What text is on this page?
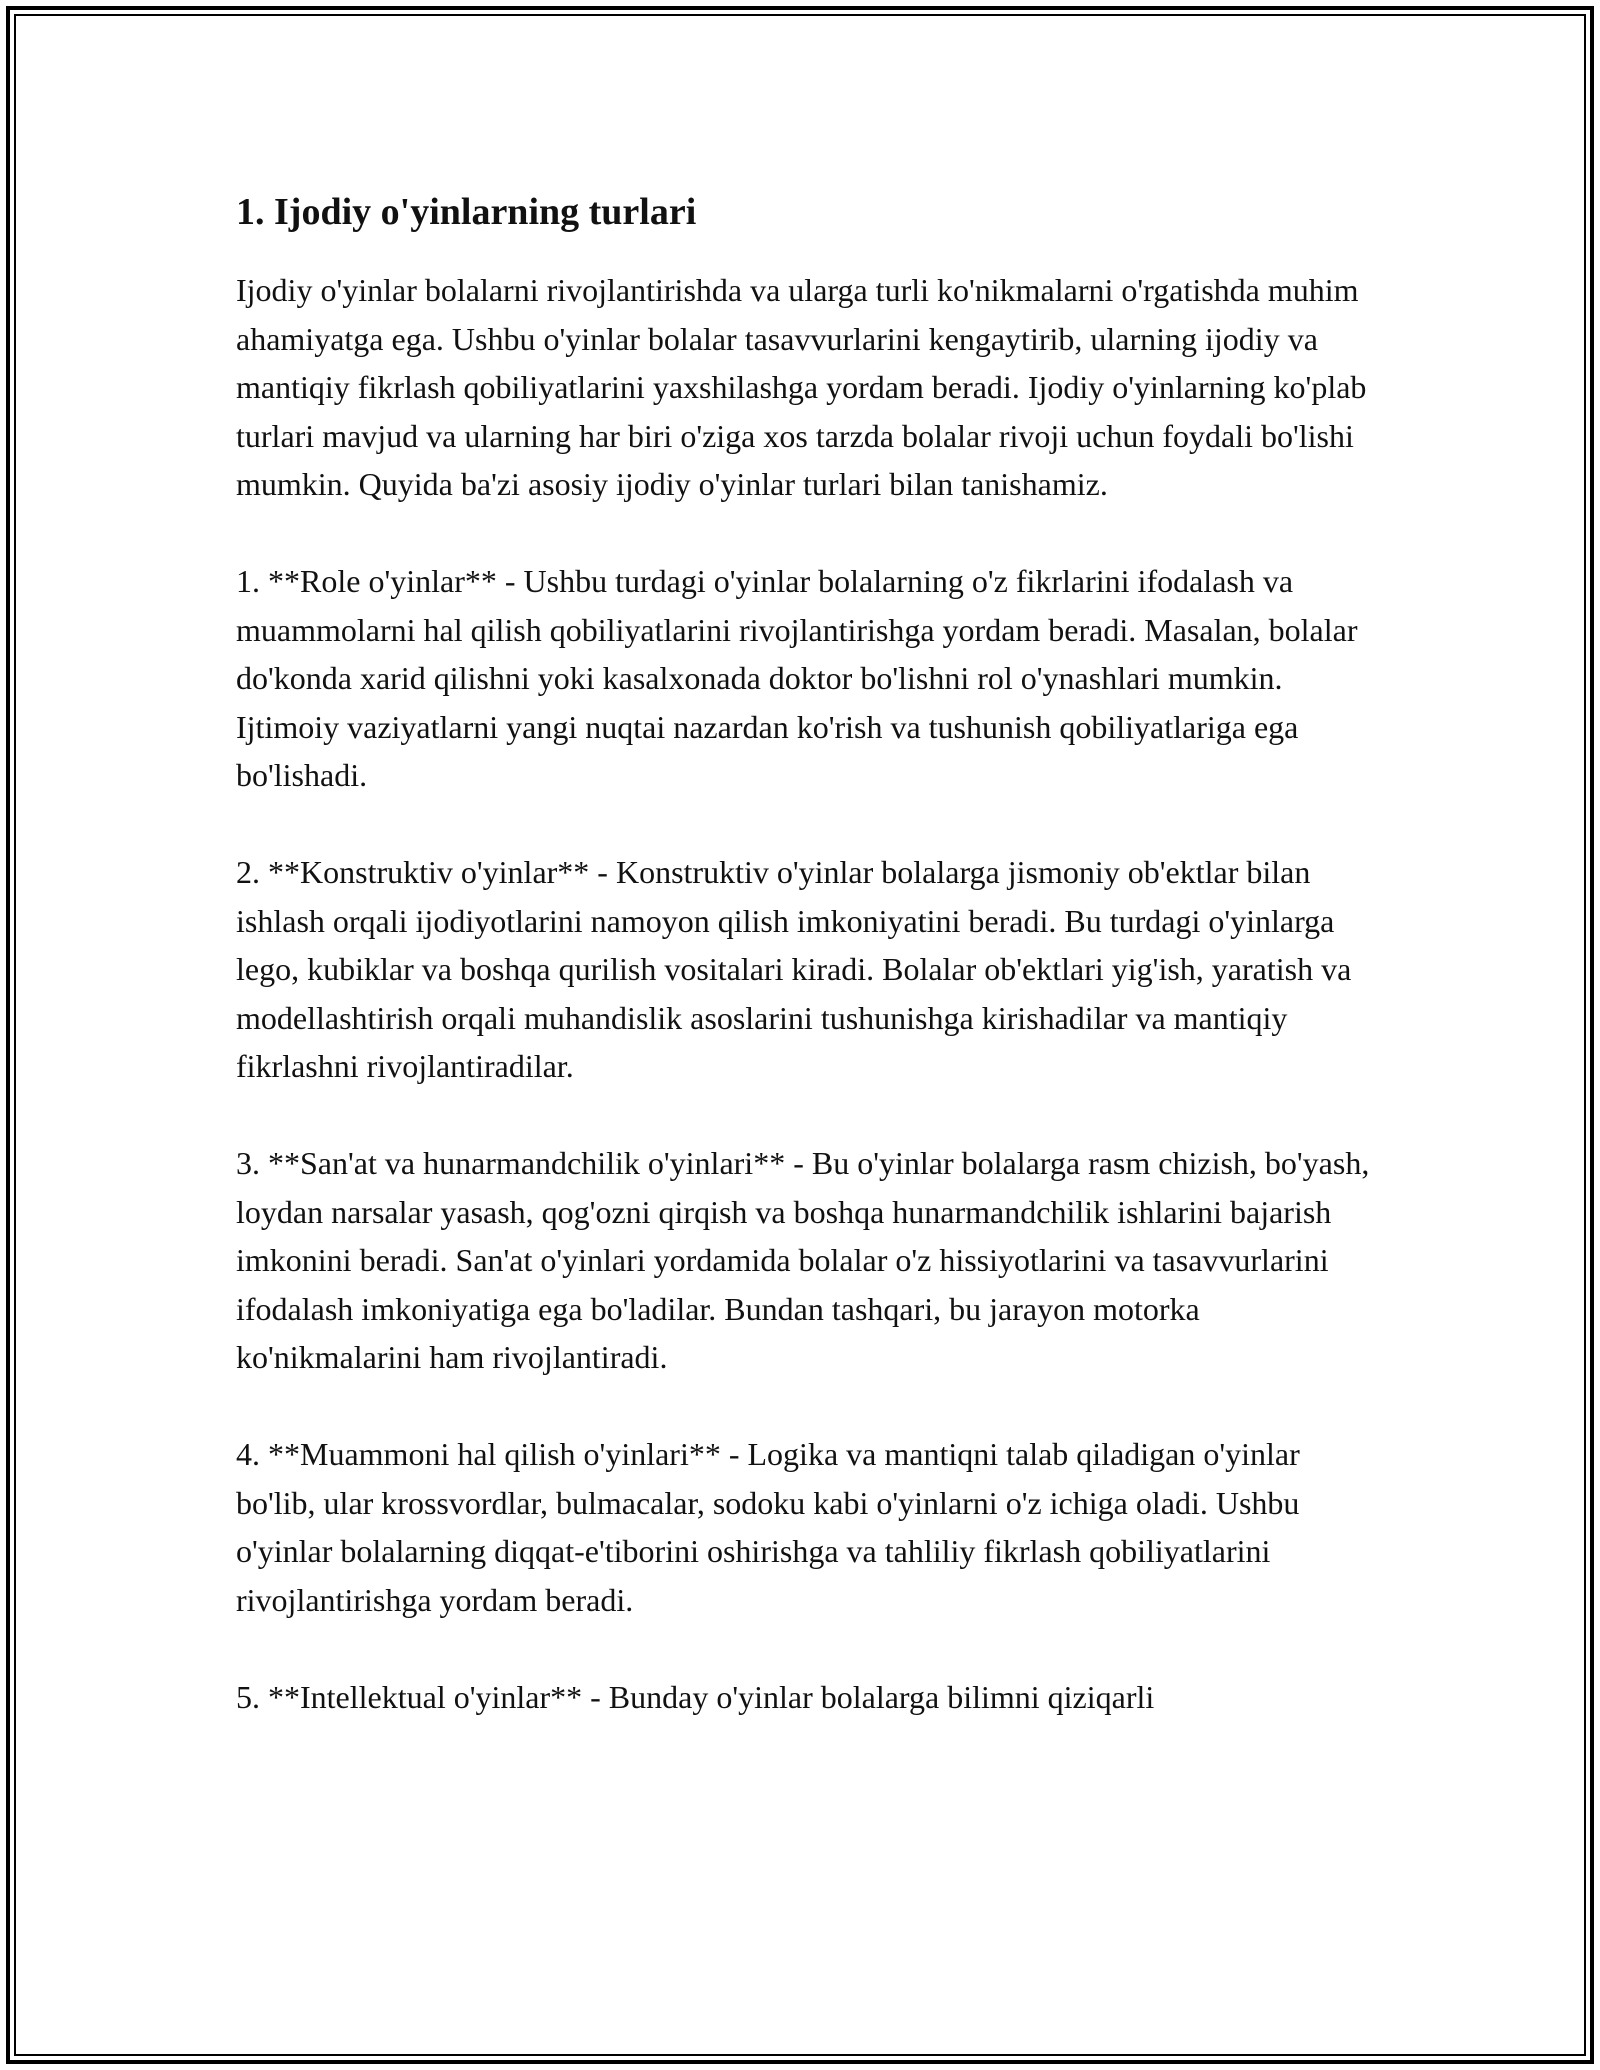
1. Ijodiy o'yinlarning turlari

Ijodiy o'yinlar bolalarni rivojlantirishda va ularga turli ko'nikmalarni o'rgatishda muhim ahamiyatga ega. Ushbu o'yinlar bolalar tasavvurlarini kengaytirib, ularning ijodiy va mantiqiy fikrlash qobiliyatlarini yaxshilashga yordam beradi. Ijodiy o'yinlarning ko'plab turlari mavjud va ularning har biri o'ziga xos tarzda bolalar rivoji uchun foydali bo'lishi mumkin. Quyida ba'zi asosiy ijodiy o'yinlar turlari bilan tanishamiz.

1. **Role o'yinlar** - Ushbu turdagi o'yinlar bolalarning o'z fikrlarini ifodalash va muammolarni hal qilish qobiliyatlarini rivojlantirishga yordam beradi. Masalan, bolalar do'konda xarid qilishni yoki kasalxonada doktor bo'lishni rol o'ynashlari mumkin. Ijtimoiy vaziyatlarni yangi nuqtai nazardan ko'rish va tushunish qobiliyatlariga ega bo'lishadi.

2. **Konstruktiv o'yinlar** - Konstruktiv o'yinlar bolalarga jismoniy ob'ektlar bilan ishlash orqali ijodiyotlarini namoyon qilish imkoniyatini beradi. Bu turdagi o'yinlarga lego, kubiklar va boshqa qurilish vositalari kiradi. Bolalar ob'ektlari yig'ish, yaratish va modellashtirish orqali muhandislik asoslarini tushunishga kirishadilar va mantiqiy fikrlashni rivojlantiradilar.

3. **San'at va hunarmandchilik o'yinlari** - Bu o'yinlar bolalarga rasm chizish, bo'yash, loydan narsalar yasash, qog'ozni qirqish va boshqa hunarmandchilik ishlarini bajarish imkonini beradi. San'at o'yinlari yordamida bolalar o'z hissiyotlarini va tasavvurlarini ifodalash imkoniyatiga ega bo'ladilar. Bundan tashqari, bu jarayon motorka ko'nikmalarini ham rivojlantiradi.

4. **Muammoni hal qilish o'yinlari** - Logika va mantiqni talab qiladigan o'yinlar bo'lib, ular krossvordlar, bulmacalar, sodoku kabi o'yinlarni o'z ichiga oladi. Ushbu o'yinlar bolalarning diqqat-e'tiborini oshirishga va tahliliy fikrlash qobiliyatlarini rivojlantirishga yordam beradi.

5. **Intellektual o'yinlar** - Bunday o'yinlar bolalarga bilimni qiziqarli
